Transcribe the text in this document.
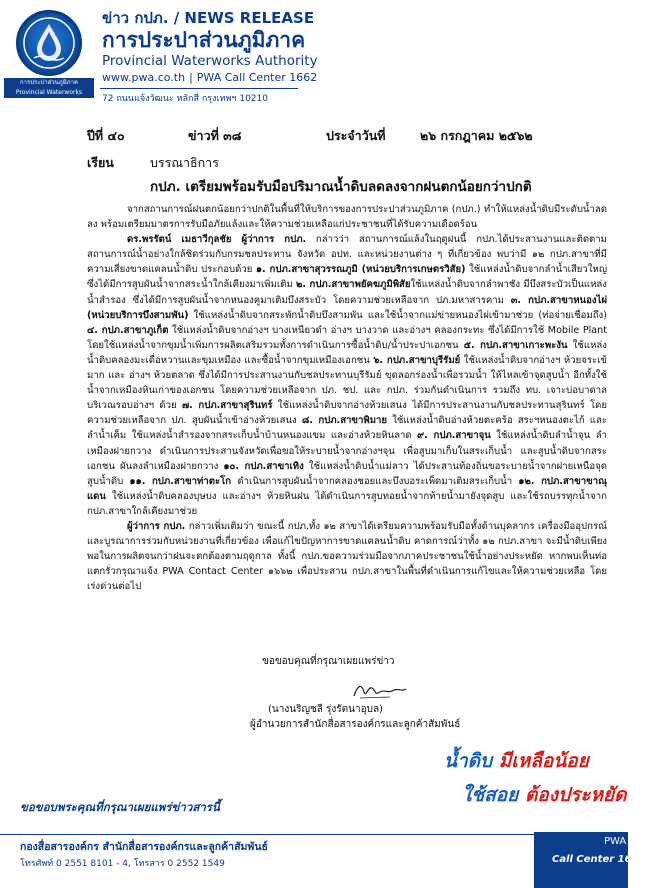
การประปาส่วนภูมิภาค
Provincial Waterworks Authority
ข่าว กปภ. / NEWS RELEASE
การประปาส่วนภูมิภาค
Provincial Waterworks Authority
www.pwa.co.th | PWA Call Center 1662
72 ถนนแจ้งวัฒนะ หลักสี่ กรุงเทพฯ 10210
ปีที่ ๔๐	ข่าวที่ ๓๘	ประจำวันที่	๒๖ กรกฎาคม ๒๕๖๒
เรียน	บรรณาธิการ
กปภ. เตรียมพร้อมรับมือปริมาณน้ำดิบลดลงจากฝนตกน้อยกว่าปกติ

จากสถานการณ์ฝนตกน้อยกว่าปกติในพื้นที่ให้บริการของการประปาส่วนภูมิภาค (กปภ.) ทำให้แหล่งน้ำดิบมีระดับน้ำลดลง พร้อมเตรียมมาตรการรับมือภัยแล้งและให้ความช่วยเหลือแก่ประชาชนที่ได้รับความเดือดร้อน

ดร.พรรัตน์ เมธาวีกุลชัย ผู้ว่าการ กปภ. กล่าวว่า สถานการณ์แล้งในฤดูฝนนี้ กปภ.ได้ประสานงานและติดตามสถานการณ์น้ำอย่างใกล้ชิดร่วมกับกรมชลประทาน จังหวัด อปท. และหน่วยงานต่าง ๆ ที่เกี่ยวข้อง พบว่ามี ๑๒ กปภ.สาขาที่มีความเสี่ยงขาดแคลนน้ำดิบ ประกอบด้วย ๑. กปภ.สาขาสุวรรณภูมิ (หน่วยบริการเกษตรวิสัย) ใช้แหล่งน้ำดิบจากลำน้ำเสียวใหญ่ ซึ่งได้มีการสูบผันน้ำจากสระน้ำใกล้เคียงมาเพิ่มเติม ๒. กปภ.สาขาพยัคฆภูมิพิสัยใช้แหล่งน้ำดิบจากลำพาชัง มีบึงสระบัวเป็นแหล่งน้ำสำรอง ซึ่งได้มีการสูบผันน้ำจากหนองคูมาเติมบึงสระบัว โดยความช่วยเหลือจาก ปภ.มหาสารคาม ๓. กปภ.สาขาหนองไผ่ (หน่วยบริการบึงสามพัน) ใช้แหล่งน้ำดิบจากสระพักน้ำดิบบึงสามพัน และใช้น้ำจากแม่ข่ายหนองไผ่เข้ามาช่วย (ท่อจ่ายเชื่อมถึง) ๔. กปภ.สาขาภูเก็ต ใช้แหล่งน้ำดิบจากอ่างฯ บางเหนียวดำ อ่างฯ บางวาด และอ่างฯ คลองกระทะ ซึ่งได้มีการใช้ Mobile Plant โดยใช้แหล่งน้ำจากขุมน้ำเพิ่มการผลิตเสริมรวมทั้งการดำเนินการซื้อน้ำดิบ/น้ำประปาเอกชน ๕. กปภ.สาขาเกาะพะงัน ใช้แหล่งน้ำดิบคลองมะเดื่อหวานและขุมเหมือง และซื้อน้ำจากขุมเหมืองเอกชน ๖. กปภ.สาขาบุรีรัมย์ ใช้แหล่งน้ำดิบจากอ่างฯ ห้วยจระเข้มาก และ อ่างฯ ห้วยตลาด ซึ่งได้มีการประสานงานกับชลประทานบุรีรัมย์ ขุดลอกร่องน้ำเพื่อรวมน้ำ ให้ไหลเข้าจุดสูบน้ำ อีกทั้งใช้น้ำจากเหมืองหินเก่าของเอกชน โดยความช่วยเหลือจาก ปภ. ชป. และ กปภ. ร่วมกันดำเนินการ รวมถึง ทบ. เจาะบ่อบาดาลบริเวณรอบอ่างฯ ด้วย ๗. กปภ.สาขาสุรินทร์ ใช้แหล่งน้ำดิบจากอ่างห้วยเสนง ได้มีการประสานงานกับชลประทานสุรินทร์ โดยความช่วยเหลือจาก ปภ. สูบผันน้ำเข้าอ่างห้วยเสนง ๘. กปภ.สาขาพิมาย ใช้แหล่งน้ำดิบอ่างห้วยตะคร้อ สระฯหนองตะไก้ และลำน้ำเค็ม ใช้แหล่งน้ำสำรองจากสระเก็บน้ำบ้านหนองแขม และอ่างห้วยหินลาด ๙. กปภ.สาขาจุน ใช้แหล่งน้ำดิบลำน้ำจุน ลำเหมืองฝายกวาง ดำเนินการประสานจังหวัดเพื่อขอให้ระบายน้ำจากอ่างฯจุน เพื่อสูบมาเก็บในสระเก็บน้ำ และสูบน้ำดิบจากสระเอกชน ผันลงลำเหมืองฝายกวาง ๑๐. กปภ.สาขาเทิง ใช้แหล่งน้ำดิบน้ำแม่ลาว ได้ประสานท้องถิ่นขอระบายน้ำจากฝายเหนือจุดสูบน้ำดิบ ๑๑. กปภ.สาขาท่าตะโก ดำเนินการสูบผันน้ำจากคลองชอยและบึงบอระเพ็ดมาเติมสระเก็บน้ำ ๑๒. กปภ.สาขาขาณุแดน ใช้แหล่งน้ำดิบคลองบุษบง และอ่างฯ ห้วยหินฝน ได้ดำเนินการสูบทอยน้ำจากท้ายน้ำมายังจุดสูบ และใช้รถบรรทุกน้ำจาก กปภ.สาขาใกล้เคียงมาช่วย

ผู้ว่าการ กปภ. กล่าวเพิ่มเติมว่า ขณะนี้ กปภ.ทั้ง ๑๒ สาขาได้เตรียมความพร้อมรับมือทั้งด้านบุคลากร เครื่องมืออุปกรณ์ และบูรณาการร่วมกับหน่วยงานที่เกี่ยวข้อง เพื่อแก้ไขปัญหาการขาดแคลนน้ำดิบ คาดการณ์ว่าทั้ง ๑๒ กปภ.สาขา จะมีน้ำดิบเพียงพอในการผลิตจนกว่าฝนจะตกต้องตามฤดูกาล ทั้งนี้ กปภ.ขอความร่วมมือจากภาคประชาชนใช้น้ำอย่างประหยัด หากพบเห็นท่อแตกรั่วกรุณาแจ้ง PWA Contact Center ๑๖๖๒ เพื่อประสาน กปภ.สาขาในพื้นที่ดำเนินการแก้ไขและให้ความช่วยเหลือ โดยเร่งด่วนต่อไป

ขอขอบคุณที่กรุณาเผยแพร่ข่าว
(นางนริญชลี รุ่งรัตนาอุบล)
ผู้อำนวยการสำนักสื่อสารองค์กรและลูกค้าสัมพันธ์
น้ำดิบ มีเหลือน้อย
ใช้สอย ต้องประหยัด
ขอขอบพระคุณที่กรุณาเผยแพร่ข่าวสารนี้
กองสื่อสารองค์กร สำนักสื่อสารองค์กรและลูกค้าสัมพันธ์
โทรศัพท์ 0 2551 8101 - 4, โทรสาร 0 2552 1549
PWA
Call Center 1662
